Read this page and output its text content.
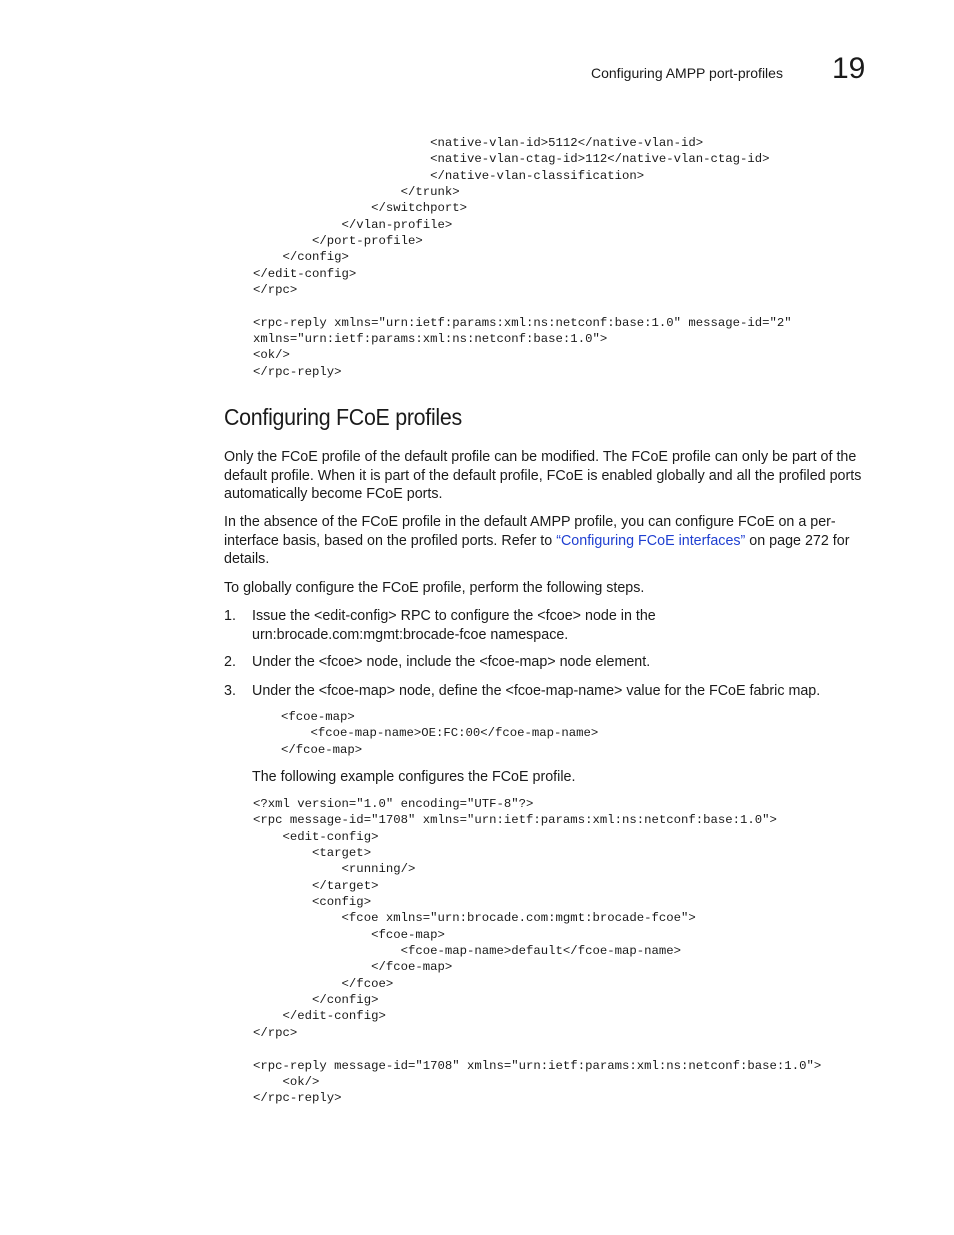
Configuring AMPP port-profiles 19
<native-vlan-id>5112</native-vlan-id>
<native-vlan-ctag-id>112</native-vlan-ctag-id>
</native-vlan-classification>
</trunk>
</switchport>
</vlan-profile>
</port-profile>
</config>
</edit-config>
</rpc>
<rpc-reply xmlns="urn:ietf:params:xml:ns:netconf:base:1.0" message-id="2"
xmlns="urn:ietf:params:xml:ns:netconf:base:1.0">
<ok/>
</rpc-reply>
Configuring FCoE profiles

Only the FCoE profile of the default profile can be modified. The FCoE profile can only be part of the default profile. When it is part of the default profile, FCoE is enabled globally and all the profiled ports automatically become FCoE ports.

In the absence of the FCoE profile in the default AMPP profile, you can configure FCoE on a per-interface basis, based on the profiled ports. Refer to “Configuring FCoE interfaces” on page 272 for details.

To globally configure the FCoE profile, perform the following steps.

1. Issue the <edit-config> RPC to configure the <fcoe> node in the
urn:brocade.com:mgmt:brocade-fcoe namespace.
2. Under the <fcoe> node, include the <fcoe-map> node element.
3. Under the <fcoe-map> node, define the <fcoe-map-name> value for the FCoE fabric map.
<fcoe-map>
<fcoe-map-name>OE:FC:00</fcoe-map-name>
</fcoe-map>

The following example configures the FCoE profile.

<?xml version="1.0" encoding="UTF-8"?>
<rpc message-id="1708" xmlns="urn:ietf:params:xml:ns:netconf:base:1.0">
<edit-config>
<target>
<running/>
</target>
<config>
<fcoe xmlns="urn:brocade.com:mgmt:brocade-fcoe">
<fcoe-map>
<fcoe-map-name>default</fcoe-map-name>
</fcoe-map>
</fcoe>
</config>
</edit-config>
</rpc>
<rpc-reply message-id="1708" xmlns="urn:ietf:params:xml:ns:netconf:base:1.0">
<ok/>
</rpc-reply>
